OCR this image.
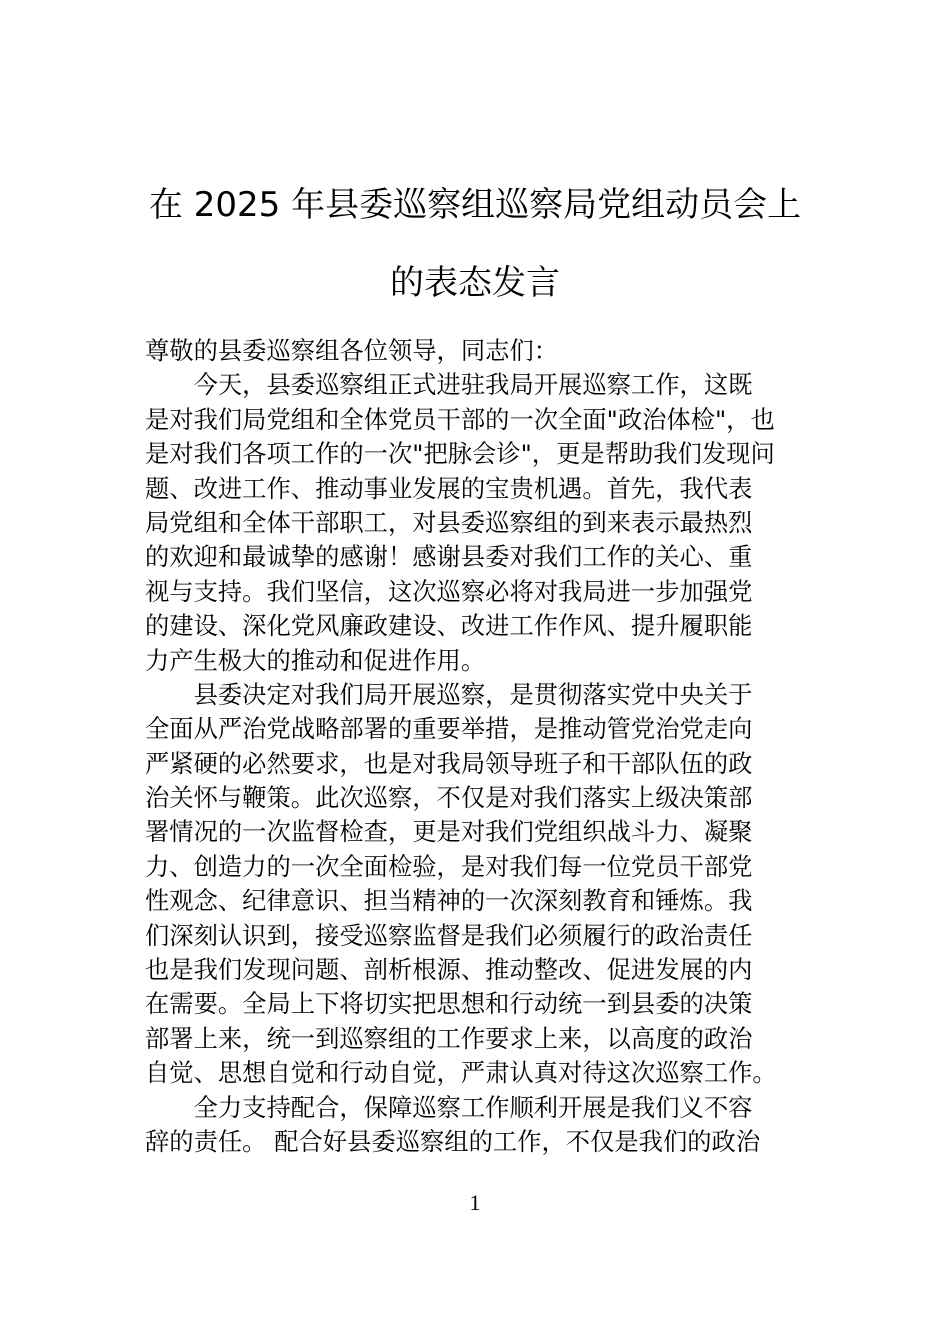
在 2025 年县委巡察组巡察局党组动员会上
的表态发言
尊敬的县委巡察组各位领导，同志们：
今天，县委巡察组正式进驻我局开展巡察工作，这既
是对我们局党组和全体党员干部的一次全面"政治体检"，也
是对我们各项工作的一次"把脉会诊"，更是帮助我们发现问
题、改进工作、推动事业发展的宝贵机遇。首先，我代表
局党组和全体干部职工，对县委巡察组的到来表示最热烈
的欢迎和最诚挚的感谢！感谢县委对我们工作的关心、重
视与支持。我们坚信，这次巡察必将对我局进一步加强党
的建设、深化党风廉政建设、改进工作作风、提升履职能
力产生极大的推动和促进作用。
县委决定对我们局开展巡察，是贯彻落实党中央关于
全面从严治党战略部署的重要举措，是推动管党治党走向
严紧硬的必然要求，也是对我局领导班子和干部队伍的政
治关怀与鞭策。此次巡察，不仅是对我们落实上级决策部
署情况的一次监督检查，更是对我们党组织战斗力、凝聚
力、创造力的一次全面检验，是对我们每一位党员干部党
性观念、纪律意识、担当精神的一次深刻教育和锤炼。我
们深刻认识到，接受巡察监督是我们必须履行的政治责任
也是我们发现问题、剖析根源、推动整改、促进发展的内
在需要。全局上下将切实把思想和行动统一到县委的决策
部署上来，统一到巡察组的工作要求上来，以高度的政治
自觉、思想自觉和行动自觉，严肃认真对待这次巡察工作。
全力支持配合，保障巡察工作顺利开展是我们义不容
辞的责任。 配合好县委巡察组的工作，不仅是我们的政治
1
